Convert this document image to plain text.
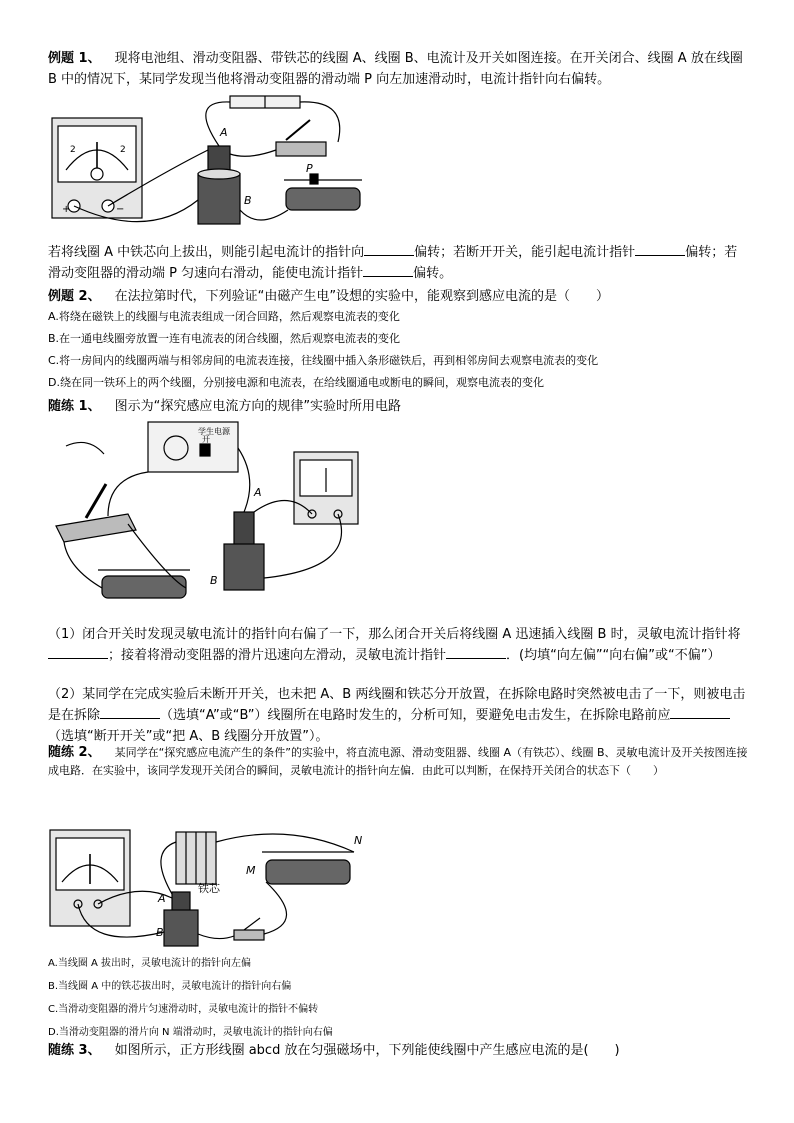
例题 1、 现将电池组、滑动变阻器、带铁芯的线圈 A、线圈 B、电流计及开关如图连接。在开关闭合、线圈 A 放在线圈 B 中的情况下，某同学发现当他将滑动变阻器的滑动端 P 向左加速滑动时，电流计指针向右偏转。
2	2
+	−
A
B
P
若将线圈 A 中铁芯向上拔出，则能引起电流计的指针向	偏转；若断开开关，能引起电流计指针	偏转；若滑动变阻器的滑动端 P 匀速向右滑动，能使电流计指针	偏转。
例题 2、 在法拉第时代，下列验证“由磁产生电”设想的实验中，能观察到感应电流的是（　　）
A.将绕在磁铁上的线圈与电流表组成一闭合回路，然后观察电流表的变化
B.在一通电线圈旁放置一连有电流表的闭合线圈，然后观察电流表的变化
C.将一房间内的线圈两端与相邻房间的电流表连接，往线圈中插入条形磁铁后，再到相邻房间去观察电流表的变化
D.绕在同一铁环上的两个线圈，分别接电源和电流表，在给线圈通电或断电的瞬间，观察电流表的变化
随练 1、 图示为“探究感应电流方向的规律”实验时所用电路
学生电源
开
A
B
（1）闭合开关时发现灵敏电流计的指针向右偏了一下，那么闭合开关后将线圈 A 迅速插入线圈 B 时，灵敏电流计指针将；接着将滑动变阻器的滑片迅速向左滑动，灵敏电流计指针	．(均填“向左偏”“向右偏”或“不偏”）
（2）某同学在完成实验后未断开开关，也未把 A、B 两线圈和铁芯分开放置，在拆除电路时突然被电击了一下，则被电击是在拆除	（选填“A”或“B”）线圈所在电路时发生的，分析可知，要避免电击发生，在拆除电路前应（选填“断开开关”或“把 A、B 线圈分开放置”）。
随练 2、 某同学在“探究感应电流产生的条件”的实验中，将直流电源、滑动变阻器、线圈 A（有铁芯）、线圈 B、灵敏电流计及开关按图连接成电路．在实验中，该同学发现开关闭合的瞬间，灵敏电流计的指针向左偏．由此可以判断，在保持开关闭合的状态下（　　）
铁芯
A
B
M
N
A.当线圈 A 拔出时，灵敏电流计的指针向左偏
B.当线圈 A 中的铁芯拔出时，灵敏电流计的指针向右偏
C.当滑动变阻器的滑片匀速滑动时，灵敏电流计的指针不偏转
D.当滑动变阻器的滑片向 N 端滑动时，灵敏电流计的指针向右偏
随练 3、 如图所示，正方形线圈 abcd 放在匀强磁场中，下列能使线圈中产生感应电流的是(　　)
